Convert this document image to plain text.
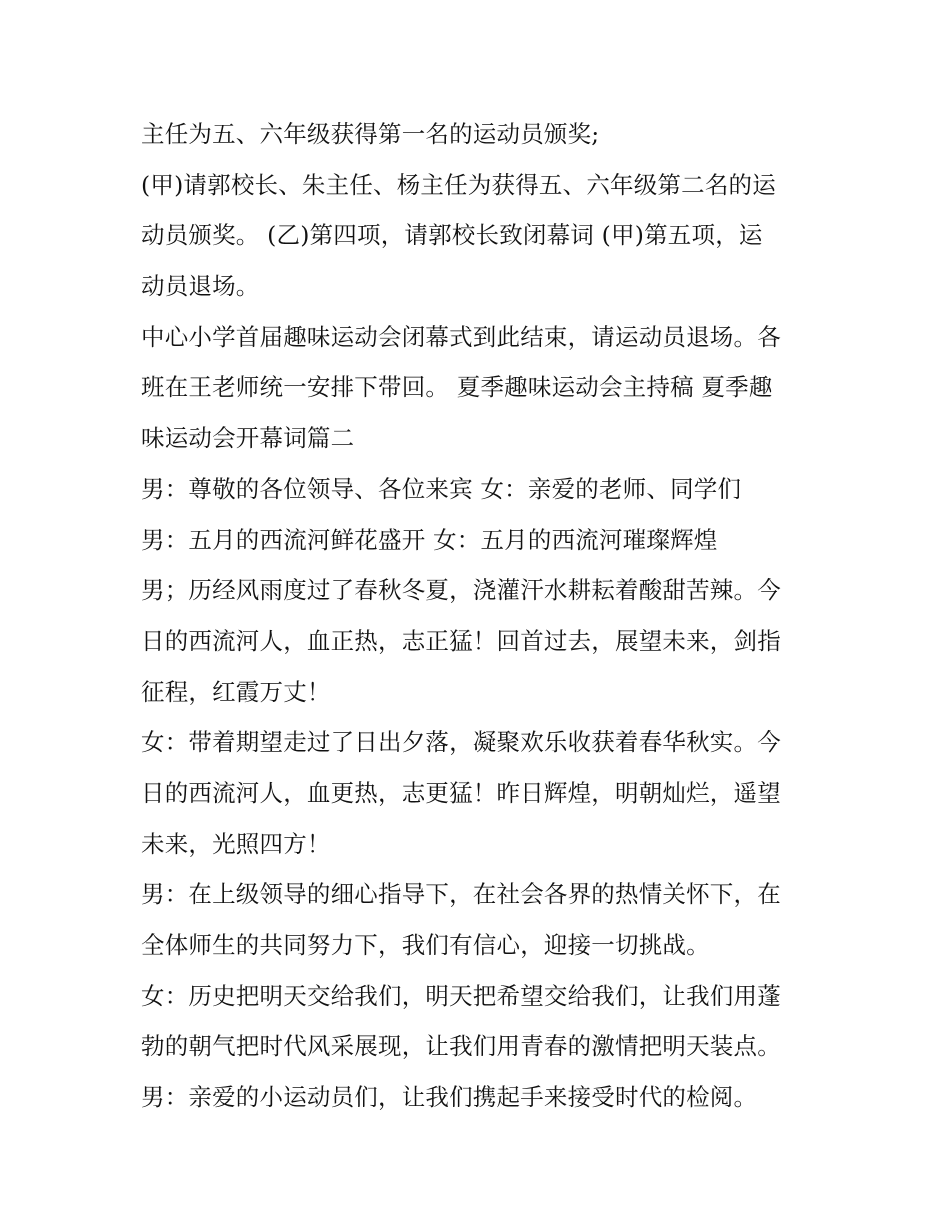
主任为五、六年级获得第一名的运动员颁奖;
(甲)请郭校长、朱主任、杨主任为获得五、六年级第二名的运
动员颁奖。 (乙)第四项，请郭校长致闭幕词 (甲)第五项，运
动员退场。
中心小学首届趣味运动会闭幕式到此结束，请运动员退场。各
班在王老师统一安排下带回。 夏季趣味运动会主持稿 夏季趣
味运动会开幕词篇二
男：尊敬的各位领导、各位来宾 女：亲爱的老师、同学们
男：五月的西流河鲜花盛开 女：五月的西流河璀璨辉煌
男；历经风雨度过了春秋冬夏，浇灌汗水耕耘着酸甜苦辣。今
日的西流河人，血正热，志正猛！回首过去，展望未来，剑指
征程，红霞万丈！
女：带着期望走过了日出夕落，凝聚欢乐收获着春华秋实。今
日的西流河人，血更热，志更猛！昨日辉煌，明朝灿烂，遥望
未来，光照四方！
男：在上级领导的细心指导下，在社会各界的热情关怀下，在
全体师生的共同努力下，我们有信心，迎接一切挑战。
女：历史把明天交给我们，明天把希望交给我们，让我们用蓬
勃的朝气把时代风采展现，让我们用青春的激情把明天装点。
男：亲爱的小运动员们，让我们携起手来接受时代的检阅。
